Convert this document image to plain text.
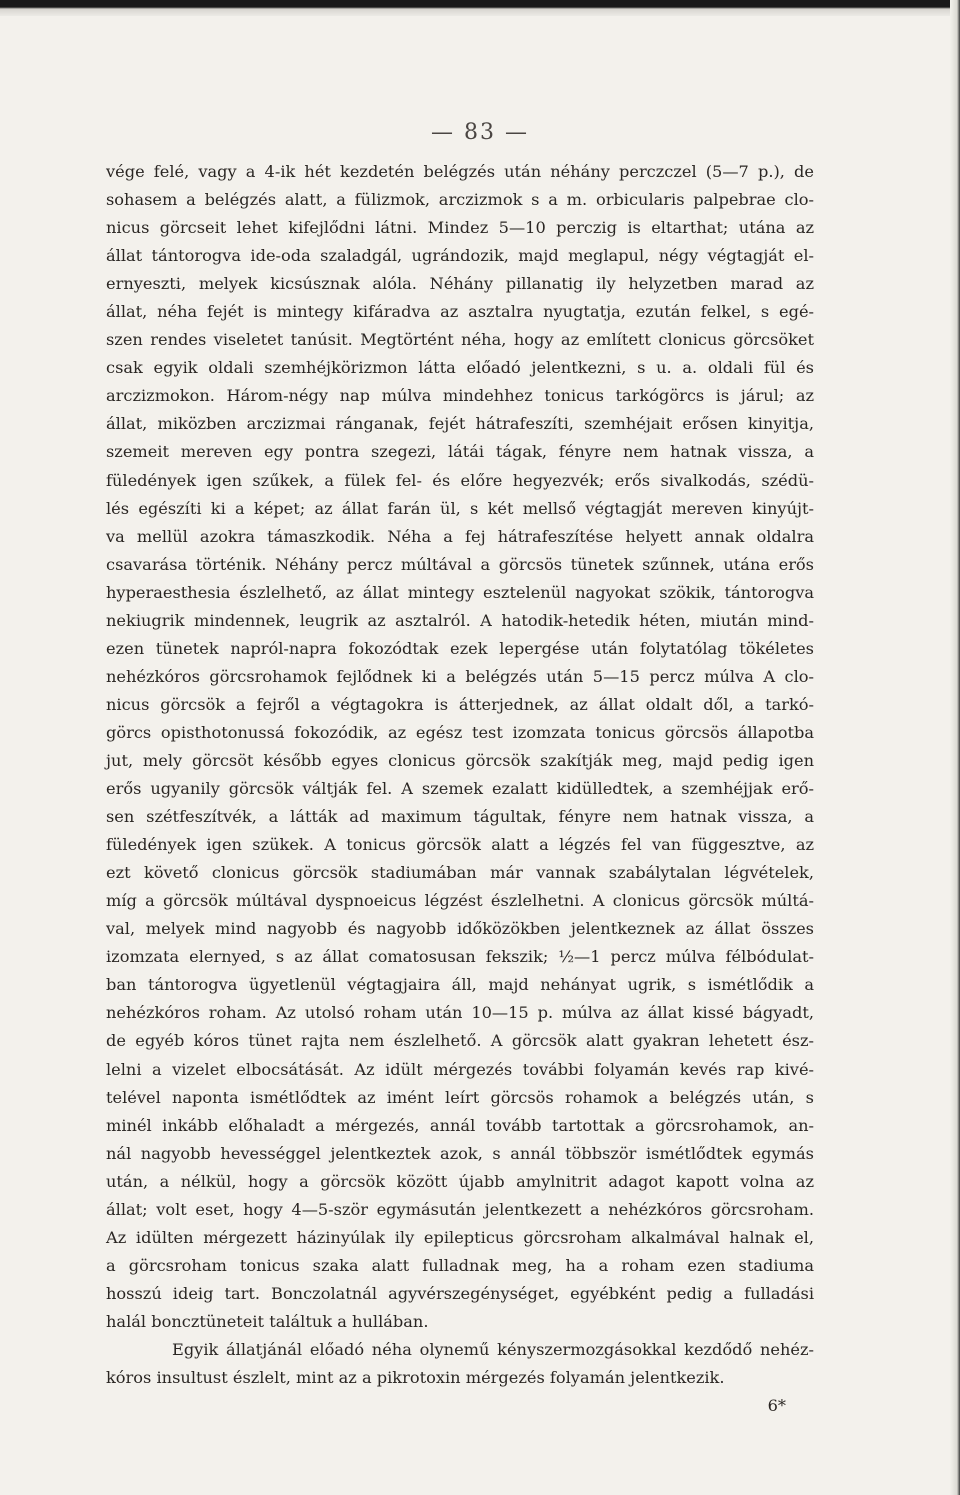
— 83 —
vége felé, vagy a 4-ik hét kezdetén belégzés után néhány perczczel (5—7 p.), de
sohasem a belégzés alatt, a fülizmok, arczizmok s a m. orbicularis palpebrae clo-
nicus görcseit lehet kifejlődni látni. Mindez 5—10 perczig is eltarthat; utána az
állat tántorogva ide-oda szaladgál, ugrándozik, majd meglapul, négy végtagját el-
ernyeszti, melyek kicsúsznak alóla. Néhány pillanatig ily helyzetben marad az
állat, néha fejét is mintegy kifáradva az asztalra nyugtatja, ezután felkel, s egé-
szen rendes viseletet tanúsit. Megtörtént néha, hogy az említett clonicus görcsöket
csak egyik oldali szemhéjkörizmon látta előadó jelentkezni, s u. a. oldali fül és
arczizmokon. Három-négy nap múlva mindehhez tonicus tarkógörcs is járul; az
állat, miközben arczizmai ránganak, fejét hátrafeszíti, szemhéjait erősen kinyitja,
szemeit mereven egy pontra szegezi, látái tágak, fényre nem hatnak vissza, a
füledények igen szűkek, a fülek fel- és előre hegyezvék; erős sivalkodás, szédü-
lés egészíti ki a képet; az állat farán ül, s két mellső végtagját mereven kinyújt-
va mellül azokra támaszkodik. Néha a fej hátrafeszítése helyett annak oldalra
csavarása történik. Néhány percz múltával a görcsös tünetek szűnnek, utána erős
hyperaesthesia észlelhető, az állat mintegy esztelenül nagyokat szökik, tántorogva
nekiugrik mindennek, leugrik az asztalról. A hatodik-hetedik héten, miután mind-
ezen tünetek napról-napra fokozódtak ezek lepergése után folytatólag tökéletes
nehézkóros görcsrohamok fejlődnek ki a belégzés után 5—15 percz múlva A clo-
nicus görcsök a fejről a végtagokra is átterjednek, az állat oldalt dől, a tarkó-
görcs opisthotonussá fokozódik, az egész test izomzata tonicus görcsös állapotba
jut, mely görcsöt később egyes clonicus görcsök szakítják meg, majd pedig igen
erős ugyanily görcsök váltják fel. A szemek ezalatt kidülledtek, a szemhéjjak erő-
sen szétfeszítvék, a látták ad maximum tágultak, fényre nem hatnak vissza, a
füledények igen szükek. A tonicus görcsök alatt a légzés fel van függesztve, az
ezt követő clonicus görcsök stadiumában már vannak szabálytalan légvételek,
míg a görcsök múltával dyspnoeicus légzést észlelhetni. A clonicus görcsök múltá-
val, melyek mind nagyobb és nagyobb időközökben jelentkeznek az állat összes
izomzata elernyed, s az állat comatosusan fekszik; ½—1 percz múlva félbódulat-
ban tántorogva ügyetlenül végtagjaira áll, majd nehányat ugrik, s ismétlődik a
nehézkóros roham. Az utolsó roham után 10—15 p. múlva az állat kissé bágyadt,
de egyéb kóros tünet rajta nem észlelhető. A görcsök alatt gyakran lehetett ész-
lelni a vizelet elbocsátását. Az idült mérgezés további folyamán kevés rap kivé-
telével naponta ismétlődtek az imént leírt görcsös rohamok a belégzés után, s
minél inkább előhaladt a mérgezés, annál tovább tartottak a görcsrohamok, an-
nál nagyobb hevességgel jelentkeztek azok, s annál többször ismétlődtek egymás
után, a nélkül, hogy a görcsök között újabb amylnitrit adagot kapott volna az
állat; volt eset, hogy 4—5-ször egymásután jelentkezett a nehézkóros görcsroham.
Az idülten mérgezett házinyúlak ily epilepticus görcsroham alkalmával halnak el,
a görcsroham tonicus szaka alatt fulladnak meg, ha a roham ezen stadiuma
hosszú ideig tart. Bonczolatnál agyvérszegénységet, egyébként pedig a fulladási
halál boncztüneteit találtuk a hullában.
Egyik állatjánál előadó néha olynemű kényszermozgásokkal kezdődő nehéz-
kóros insultust észlelt, mint az a pikrotoxin mérgezés folyamán jelentkezik.
6*
